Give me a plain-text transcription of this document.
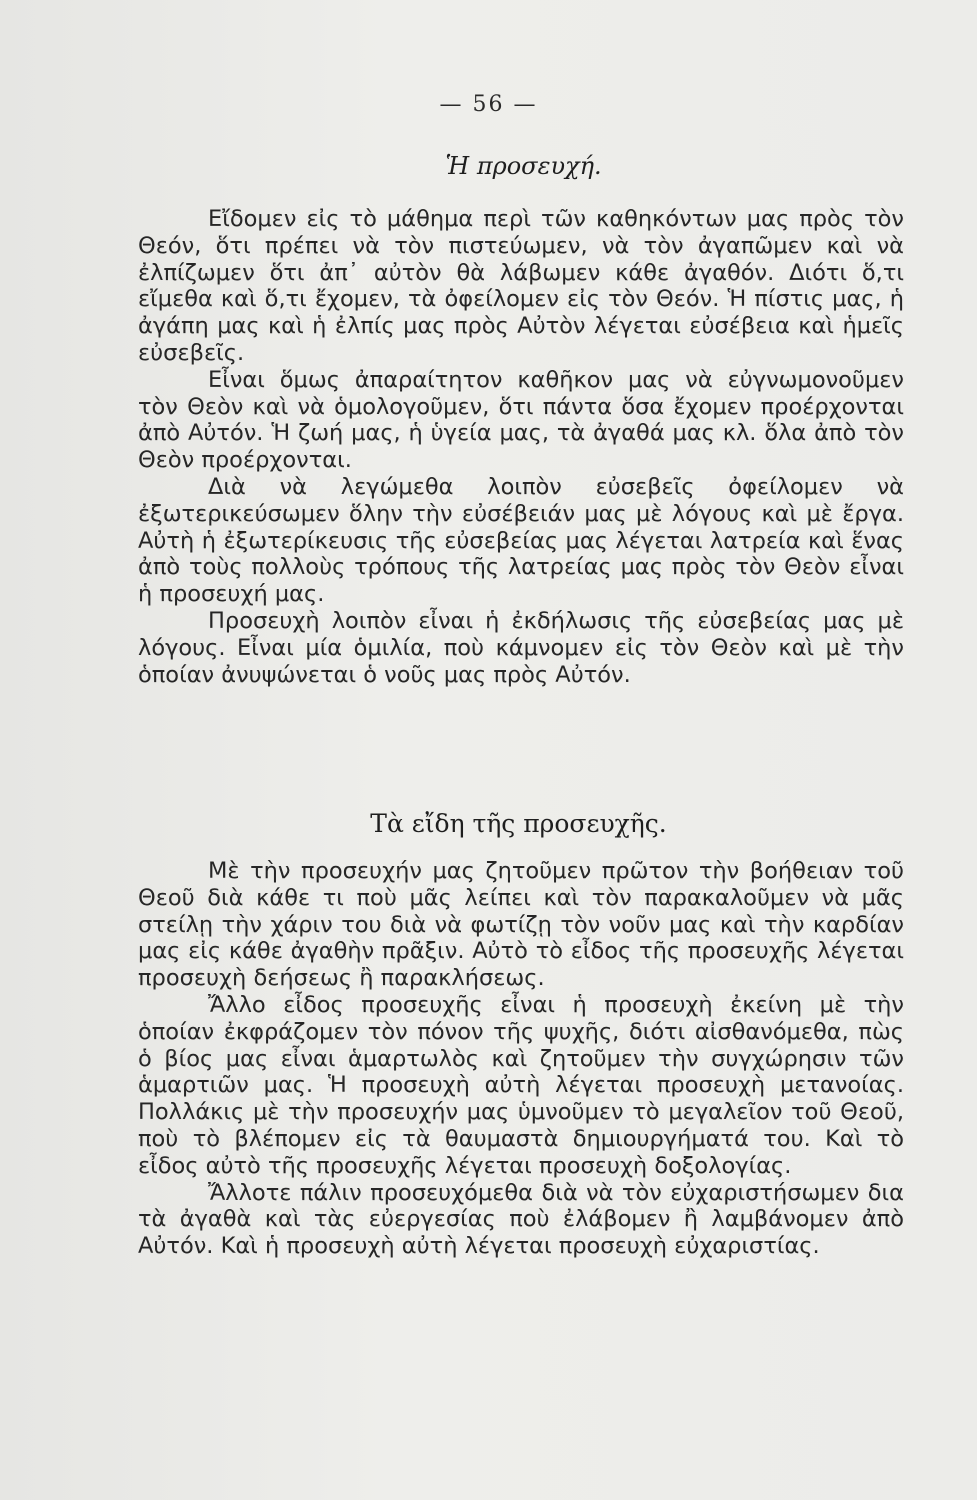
— 56 —
Ἡ προσευχή.

Εἴδομεν εἰς τὸ μάθημα περὶ τῶν καθηκόντων μας πρὸς τὸν Θεόν, ὅτι πρέπει νὰ τὸν πιστεύωμεν, νὰ τὸν ἀγαπῶμεν καὶ νὰ ἐλπίζωμεν ὅτι ἀπ᾽ αὐτὸν θὰ λάβωμεν κάθε ἀγαθόν. Διότι ὅ,τι εἴμεθα καὶ ὅ,τι ἔχομεν, τὰ ὀφείλομεν εἰς τὸν Θεόν. Ἡ πίστις μας, ἡ ἀγάπη μας καὶ ἡ ἐλπίς μας πρὸς Αὐτὸν λέγεται εὐσέβεια καὶ ἡμεῖς εὐσεβεῖς.

Εἶναι ὅμως ἀπαραίτητον καθῆκον μας νὰ εὐγνωμονοῦμεν τὸν Θεὸν καὶ νὰ ὁμολογοῦμεν, ὅτι πάντα ὅσα ἔχομεν προέρχονται ἀπὸ Αὐτόν. Ἡ ζωή μας, ἡ ὑγεία μας, τὰ ἀγαθά μας κλ. ὅλα ἀπὸ τὸν Θεὸν προέρχονται.

Διὰ νὰ λεγώμεθα λοιπὸν εὐσεβεῖς ὀφείλομεν νὰ ἐξωτερικεύσωμεν ὅλην τὴν εὐσέβειάν μας μὲ λόγους καὶ μὲ ἔργα. Αὐτὴ ἡ ἐξωτερίκευσις τῆς εὐσεβείας μας λέγεται λατρεία καὶ ἕνας ἀπὸ τοὺς πολλοὺς τρόπους τῆς λατρείας μας πρὸς τὸν Θεὸν εἶναι ἡ προσευχή μας.

Προσευχὴ λοιπὸν εἶναι ἡ ἐκδήλωσις τῆς εὐσεβείας μας μὲ λόγους. Εἶναι μία ὁμιλία, ποὺ κάμνομεν εἰς τὸν Θεὸν καὶ μὲ τὴν ὁποίαν ἀνυψώνεται ὁ νοῦς μας πρὸς Αὐτόν.

Τὰ εἴδη τῆς προσευχῆς.

Μὲ τὴν προσευχήν μας ζητοῦμεν πρῶτον τὴν βοήθειαν τοῦ Θεοῦ διὰ κάθε τι ποὺ μᾶς λείπει καὶ τὸν παρακαλοῦμεν νὰ μᾶς στείλῃ τὴν χάριν του διὰ νὰ φωτίζῃ τὸν νοῦν μας καὶ τὴν καρδίαν μας εἰς κάθε ἀγαθὴν πρᾶξιν. Αὐτὸ τὸ εἶδος τῆς προσευχῆς λέγεται προσευχὴ δεήσεως ἢ παρακλήσεως.

Ἄλλο εἶδος προσευχῆς εἶναι ἡ προσευχὴ ἐκείνη μὲ τὴν ὁποίαν ἐκφράζομεν τὸν πόνον τῆς ψυχῆς, διότι αἰσθανόμεθα, πὼς ὁ βίος μας εἶναι ἁμαρτωλὸς καὶ ζητοῦμεν τὴν συγχώρησιν τῶν ἁμαρτιῶν μας. Ἡ προσευχὴ αὐτὴ λέγεται προσευχὴ μετανοίας. Πολλάκις μὲ τὴν προσευχήν μας ὑμνοῦμεν τὸ μεγαλεῖον τοῦ Θεοῦ, ποὺ τὸ βλέπομεν εἰς τὰ θαυμαστὰ δημιουργήματά του. Καὶ τὸ εἶδος αὐτὸ τῆς προσευχῆς λέγεται προσευχὴ δοξολογίας.

Ἄλλοτε πάλιν προσευχόμεθα διὰ νὰ τὸν εὐχαριστήσωμεν δια τὰ ἀγαθὰ καὶ τὰς εὐεργεσίας ποὺ ἐλάβομεν ἢ λαμβάνομεν ἀπὸ Αὐτόν. Καὶ ἡ προσευχὴ αὐτὴ λέγεται προσευχὴ εὐχαριστίας.
